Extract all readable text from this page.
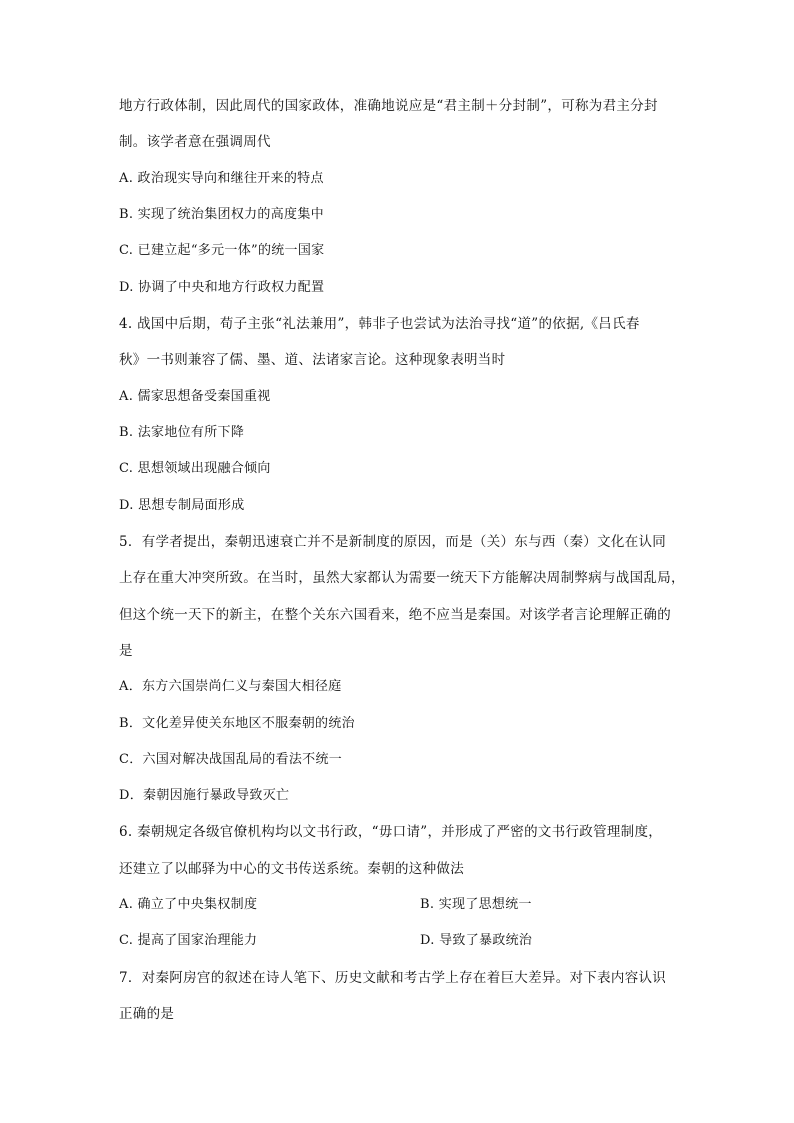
地方行政体制，因此周代的国家政体，准确地说应是“君主制＋分封制”，可称为君主分封
制。该学者意在强调周代
A. 政治现实导向和继往开来的特点
B. 实现了统治集团权力的高度集中
C. 已建立起“多元一体”的统一国家
D. 协调了中央和地方行政权力配置
4. 战国中后期，荀子主张“礼法兼用”，韩非子也尝试为法治寻找“道”的依据,《吕氏春
秋》一书则兼容了儒、墨、道、法诸家言论。这种现象表明当时
A. 儒家思想备受秦国重视
B. 法家地位有所下降
C. 思想领域出现融合倾向
D. 思想专制局面形成
5．有学者提出，秦朝迅速衰亡并不是新制度的原因，而是（关）东与西（秦）文化在认同
上存在重大冲突所致。在当时，虽然大家都认为需要一统天下方能解决周制弊病与战国乱局，
但这个统一天下的新主，在整个关东六国看来，绝不应当是秦国。对该学者言论理解正确的
是
A．东方六国崇尚仁义与秦国大相径庭
B．文化差异使关东地区不服秦朝的统治
C．六国对解决战国乱局的看法不统一
D．秦朝因施行暴政导致灭亡
6. 秦朝规定各级官僚机构均以文书行政，“毋口请”，并形成了严密的文书行政管理制度，
还建立了以邮驿为中心的文书传送系统。秦朝的这种做法
A. 确立了中央集权制度	B. 实现了思想统一
C. 提高了国家治理能力	D. 导致了暴政统治
7．对秦阿房宫的叙述在诗人笔下、历史文献和考古学上存在着巨大差异。对下表内容认识
正确的是
